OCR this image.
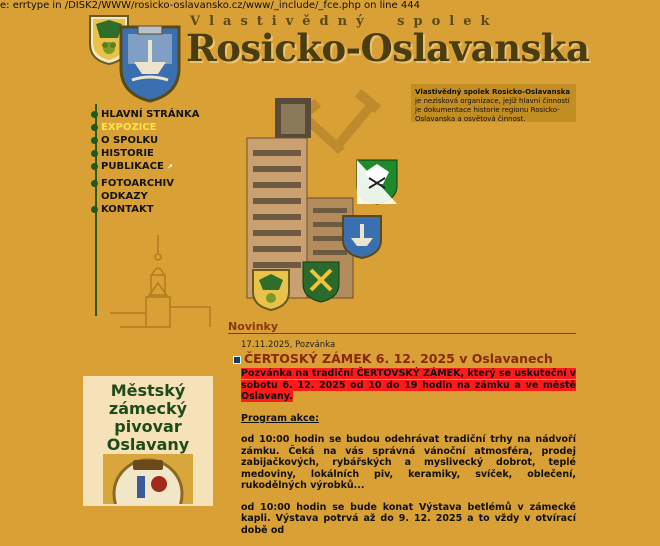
e: errtype in /DISK2/WWW/rosicko-oslavansko.cz/www/_include/_fce.php on line 444
Vlastivědný spolek
Rosicko-Oslavanska
HLAVNÍ STRÁNKA
EXPOZICE
O SPOLKU
HISTORIE
PUBLIKACE ↗
FOTOARCHIV
ODKAZY
KONTAKT
Vlastivědný spolek Rosicko-Oslavanska je nezisková organizace, jejíž hlavní činností je dokumentace historie regionu Rosicko-Oslavanska a osvětová činnost.
Novinky
17.11.2025, Pozvánka
ČERTOSKÝ ZÁMEK 6. 12. 2025 v Oslavanech

Pozvánka na tradiční ČERTOVSKÝ ZÁMEK, který se uskuteční v sobotu 6. 12. 2025 od 10 do 19 hodin na zámku a ve městě Oslavany.

Program akce:

od 10:00 hodin se budou odehrávat tradiční trhy na nádvoří zámku. Čeká na vás správná vánoční atmosféra, prodej zabijačkových, rybářských a myslivecký dobrot, teplé medoviny, lokálních piv, keramiky, svíček, oblečení, rukodělných výrobků...

od 10:00 hodin se bude konat Výstava betlémů v zámecké kapli. Výstava potrvá až do 9. 12. 2025 a to vždy v otvírací době od

Městský
zámecký
pivovar
Oslavany
